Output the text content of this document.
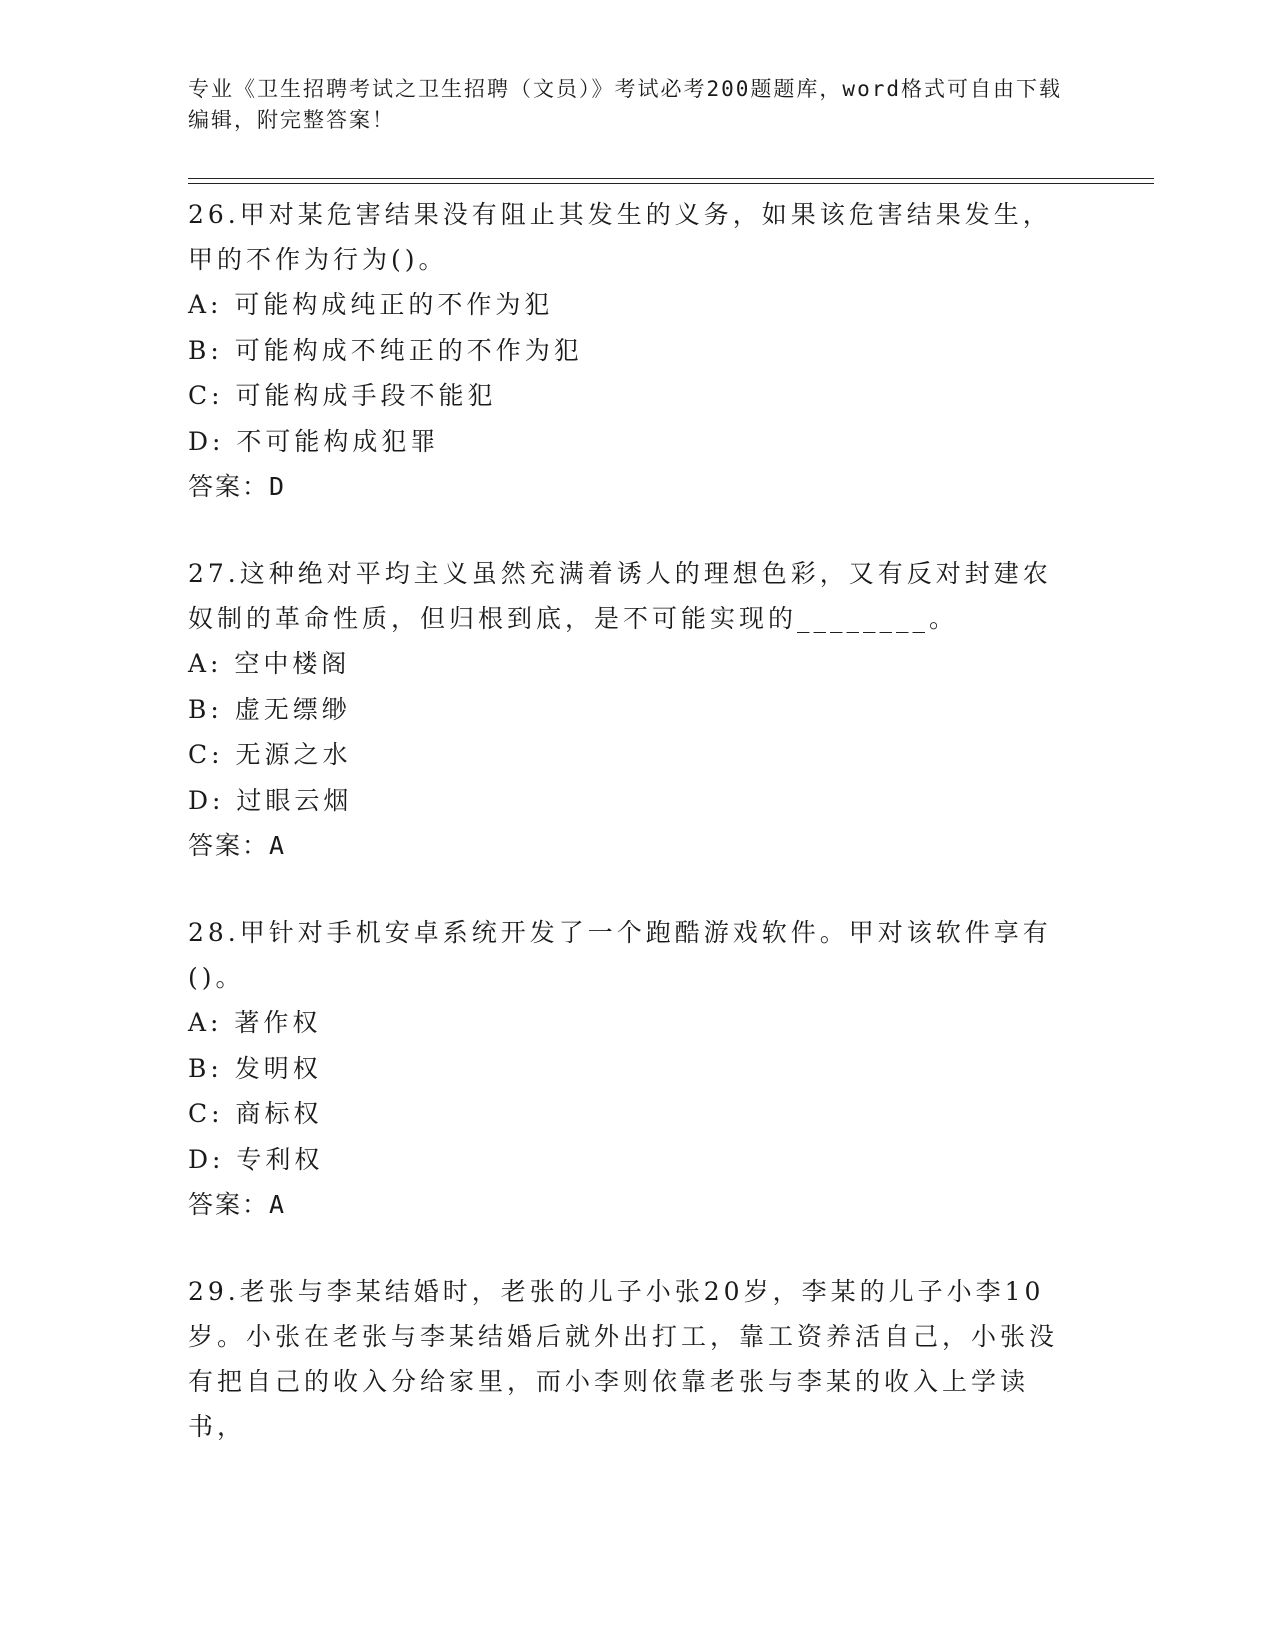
专业《卫生招聘考试之卫生招聘（文员）》考试必考200题题库，word格式可自由下载编辑，附完整答案！

26.甲对某危害结果没有阻止其发生的义务，如果该危害结果发生，甲的不作为行为()。

A: 可能构成纯正的不作为犯

B: 可能构成不纯正的不作为犯

C: 可能构成手段不能犯

D: 不可能构成犯罪

答案：D

27.这种绝对平均主义虽然充满着诱人的理想色彩，又有反对封建农奴制的革命性质，但归根到底，是不可能实现的________。

A: 空中楼阁

B: 虚无缥缈

C: 无源之水

D: 过眼云烟

答案：A

28.甲针对手机安卓系统开发了一个跑酷游戏软件。甲对该软件享有()。

A: 著作权

B: 发明权

C: 商标权

D: 专利权

答案：A

29.老张与李某结婚时，老张的儿子小张20岁，李某的儿子小李10岁。小张在老张与李某结婚后就外出打工，靠工资养活自己，小张没有把自己的收入分给家里，而小李则依靠老张与李某的收入上学读书，
